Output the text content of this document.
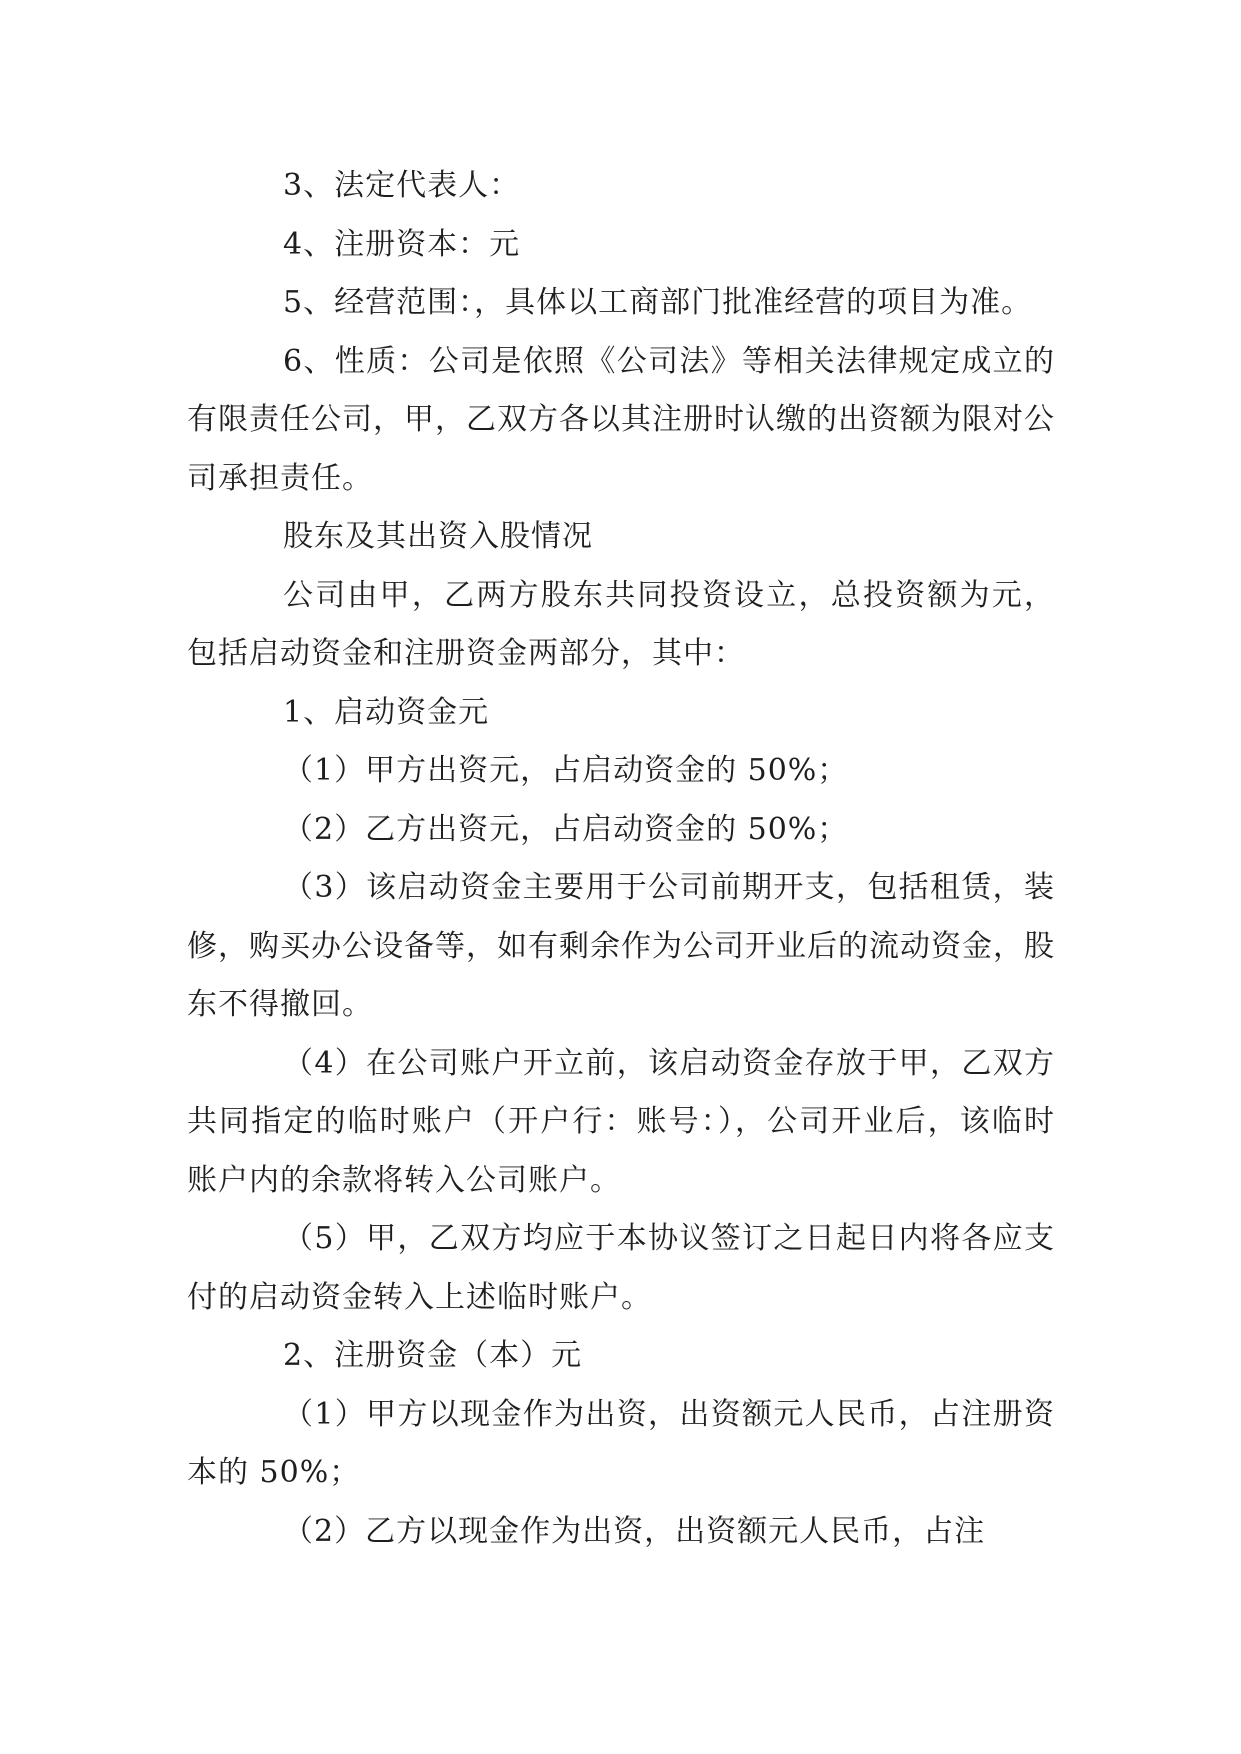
3、法定代表人：

4、注册资本：元

5、经营范围：，具体以工商部门批准经营的项目为准。

6、性质：公司是依照《公司法》等相关法律规定成立的有限责任公司，甲，乙双方各以其注册时认缴的出资额为限对公司承担责任。

股东及其出资入股情况

公司由甲，乙两方股东共同投资设立，总投资额为元，包括启动资金和注册资金两部分，其中：

1、启动资金元

（1）甲方出资元，占启动资金的 50%；

（2）乙方出资元，占启动资金的 50%；

（3）该启动资金主要用于公司前期开支，包括租赁，装修，购买办公设备等，如有剩余作为公司开业后的流动资金，股东不得撤回。

（4）在公司账户开立前，该启动资金存放于甲，乙双方共同指定的临时账户（开户行：账号：），公司开业后，该临时账户内的余款将转入公司账户。

（5）甲，乙双方均应于本协议签订之日起日内将各应支付的启动资金转入上述临时账户。

2、注册资金（本）元

（1）甲方以现金作为出资，出资额元人民币，占注册资本的 50%；

（2）乙方以现金作为出资，出资额元人民币，占注
